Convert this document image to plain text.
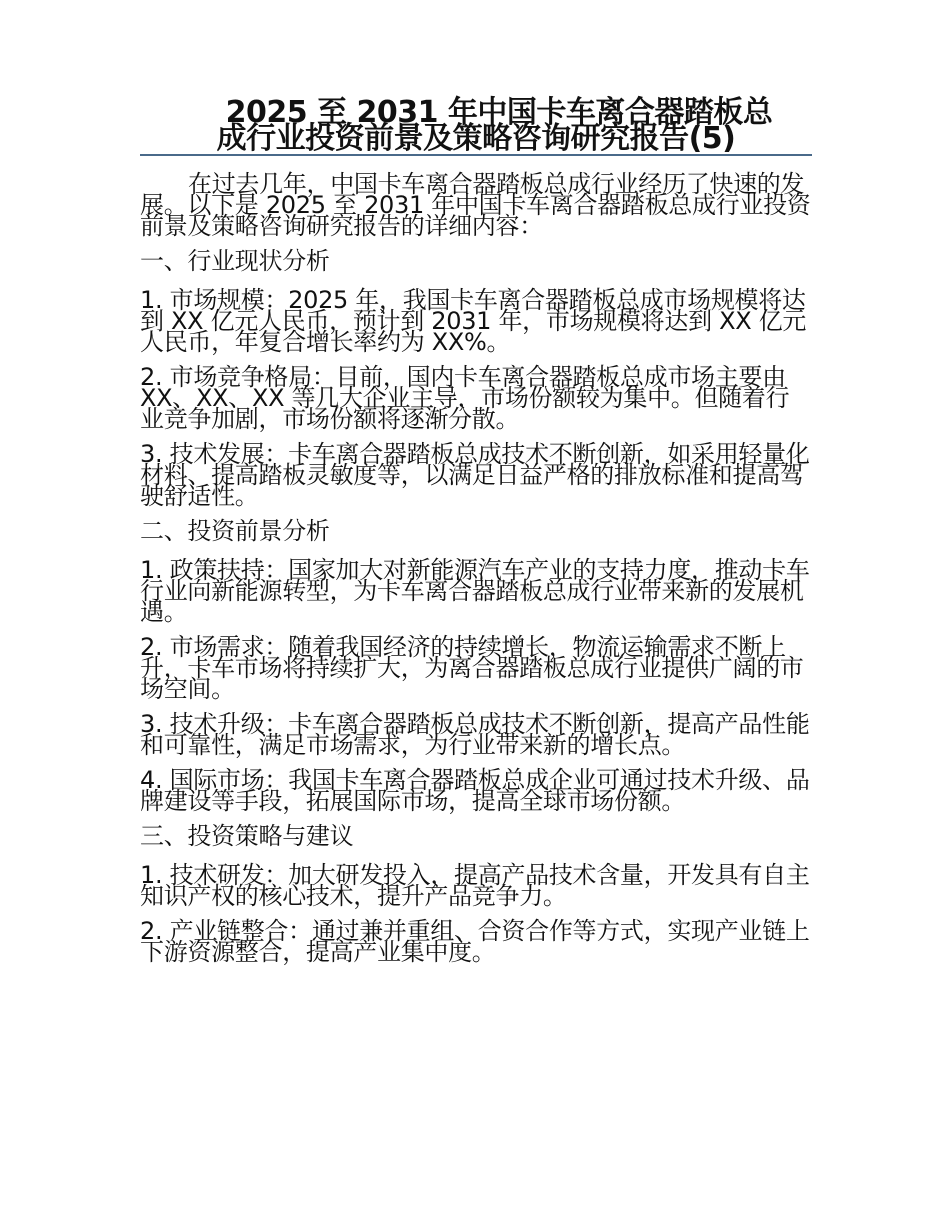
2025 至 2031 年中国卡车离合器踏板总
成行业投资前景及策略咨询研究报告(5)

在过去几年，中国卡车离合器踏板总成行业经历了快速的发展。以下是 2025 至 2031 年中国卡车离合器踏板总成行业投资前景及策略咨询研究报告的详细内容：

一、行业现状分析

1. 市场规模：2025 年，我国卡车离合器踏板总成市场规模将达到 XX 亿元人民币，预计到 2031 年，市场规模将达到 XX 亿元人民币，年复合增长率约为 XX%。

2. 市场竞争格局：目前，国内卡车离合器踏板总成市场主要由 XX、XX、XX 等几大企业主导，市场份额较为集中。但随着行业竞争加剧，市场份额将逐渐分散。

3. 技术发展：卡车离合器踏板总成技术不断创新，如采用轻量化材料、提高踏板灵敏度等，以满足日益严格的排放标准和提高驾驶舒适性。

二、投资前景分析

1. 政策扶持：国家加大对新能源汽车产业的支持力度，推动卡车行业向新能源转型，为卡车离合器踏板总成行业带来新的发展机遇。

2. 市场需求：随着我国经济的持续增长，物流运输需求不断上升，卡车市场将持续扩大，为离合器踏板总成行业提供广阔的市场空间。

3. 技术升级：卡车离合器踏板总成技术不断创新，提高产品性能和可靠性，满足市场需求，为行业带来新的增长点。

4. 国际市场：我国卡车离合器踏板总成企业可通过技术升级、品牌建设等手段，拓展国际市场，提高全球市场份额。

三、投资策略与建议

1. 技术研发：加大研发投入，提高产品技术含量，开发具有自主知识产权的核心技术，提升产品竞争力。

2. 产业链整合：通过兼并重组、合资合作等方式，实现产业链上下游资源整合，提高产业集中度。
